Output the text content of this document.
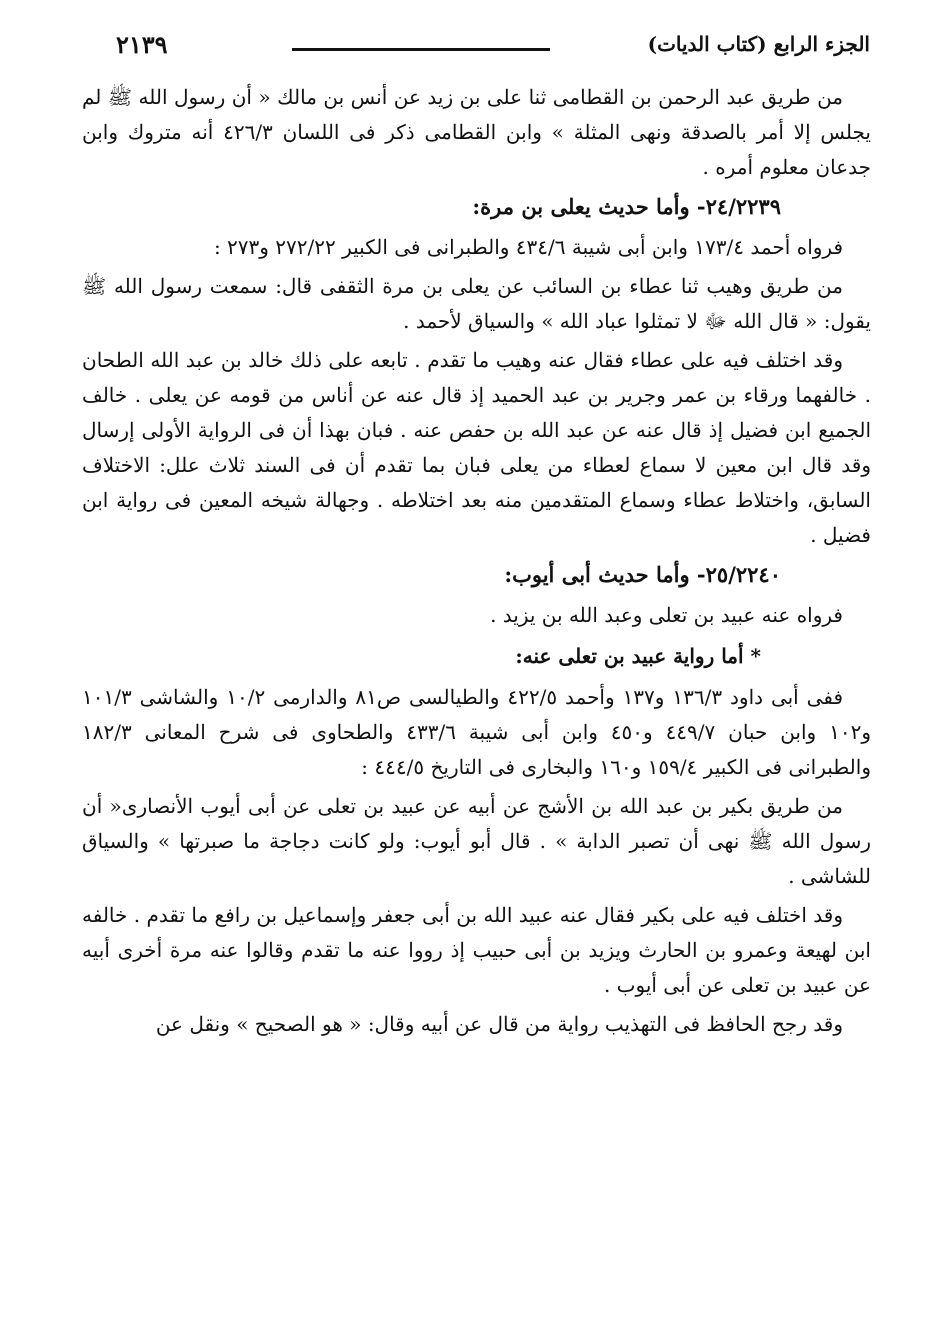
٢١٣٩	الجزء الرابع (كتاب الديات)

من طريق عبد الرحمن بن القطامى ثنا على بن زيد عن أنس بن مالك « أن رسول الله ﷺ لم يجلس إلا أمر بالصدقة ونهى المثلة » وابن القطامى ذكر فى اللسان ٤٢٦/٣ أنه متروك وابن جدعان معلوم أمره .

٢٤/٢٢٣٩- وأما حديث يعلى بن مرة:

فرواه أحمد ١٧٣/٤ وابن أبى شيبة ٤٣٤/٦ والطبرانى فى الكبير ٢٧٢/٢٢ و٢٧٣ :

من طريق وهيب ثنا عطاء بن السائب عن يعلى بن مرة الثقفى قال: سمعت رسول الله ﷺ يقول: « قال الله ﷻ لا تمثلوا عباد الله » والسياق لأحمد .

وقد اختلف فيه على عطاء فقال عنه وهيب ما تقدم . تابعه على ذلك خالد بن عبد الله الطحان . خالفهما ورقاء بن عمر وجرير بن عبد الحميد إذ قال عنه عن أناس من قومه عن يعلى . خالف الجميع ابن فضيل إذ قال عنه عن عبد الله بن حفص عنه . فبان بهذا أن فى الرواية الأولى إرسال وقد قال ابن معين لا سماع لعطاء من يعلى فبان بما تقدم أن فى السند ثلاث علل: الاختلاف السابق، واختلاط عطاء وسماع المتقدمين منه بعد اختلاطه . وجهالة شيخه المعين فى رواية ابن فضيل .

٢٥/٢٢٤٠- وأما حديث أبى أيوب:

فرواه عنه عبيد بن تعلى وعبد الله بن يزيد .

* أما رواية عبيد بن تعلى عنه:

ففى أبى داود ١٣٦/٣ و١٣٧ وأحمد ٤٢٢/٥ والطيالسى ص٨١ والدارمى ١٠/٢ والشاشى ١٠١/٣ و١٠٢ وابن حبان ٤٤٩/٧ و٤٥٠ وابن أبى شيبة ٤٣٣/٦ والطحاوى فى شرح المعانى ١٨٢/٣ والطبرانى فى الكبير ١٥٩/٤ و١٦٠ والبخارى فى التاريخ ٤٤٤/٥ :

من طريق بكير بن عبد الله بن الأشج عن أبيه عن عبيد بن تعلى عن أبى أيوب الأنصارى« أن رسول الله ﷺ نهى أن تصبر الدابة » . قال أبو أيوب: ولو كانت دجاجة ما صبرتها » والسياق للشاشى .

وقد اختلف فيه على بكير فقال عنه عبيد الله بن أبى جعفر وإسماعيل بن رافع ما تقدم . خالفه ابن لهيعة وعمرو بن الحارث ويزيد بن أبى حبيب إذ رووا عنه ما تقدم وقالوا عنه مرة أخرى أبيه عن عبيد بن تعلى عن أبى أيوب .

وقد رجح الحافظ فى التهذيب رواية من قال عن أبيه وقال: « هو الصحيح » ونقل عن
